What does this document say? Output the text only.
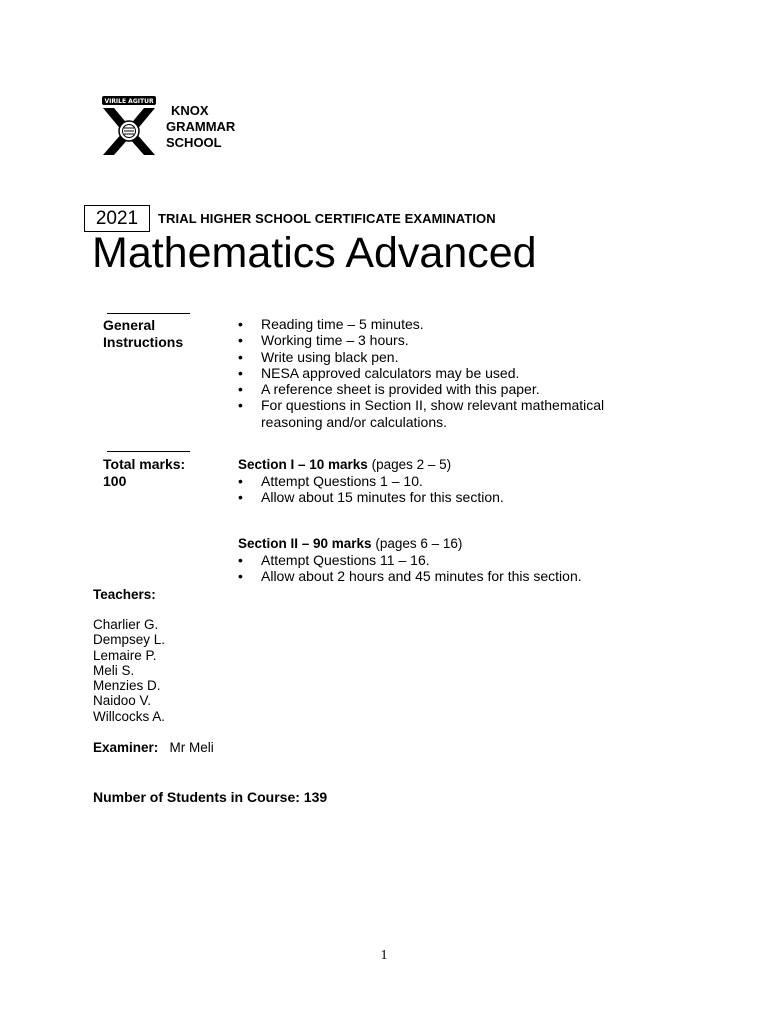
VIRILE AGITUR
KNOX
GRAMMAR
SCHOOL
2021	TRIAL HIGHER SCHOOL CERTIFICATE EXAMINATION
Mathematics Advanced
General
Instructions
• Reading time – 5 minutes.
• Working time – 3 hours.
• Write using black pen.
• NESA approved calculators may be used.
• A reference sheet is provided with this paper.
• For questions in Section II, show relevant mathematical reasoning and/or calculations.
Total marks:
100
Section I – 10 marks (pages 2 – 5)
• Attempt Questions 1 – 10.
• Allow about 15 minutes for this section.
Section II – 90 marks (pages 6 – 16)
• Attempt Questions 11 – 16.
• Allow about 2 hours and 45 minutes for this section.
Teachers:
Charlier G.
Dempsey L.
Lemaire P.
Meli S.
Menzies D.
Naidoo V.
Willcocks A.
Examiner: Mr Meli
Number of Students in Course: 139
1
